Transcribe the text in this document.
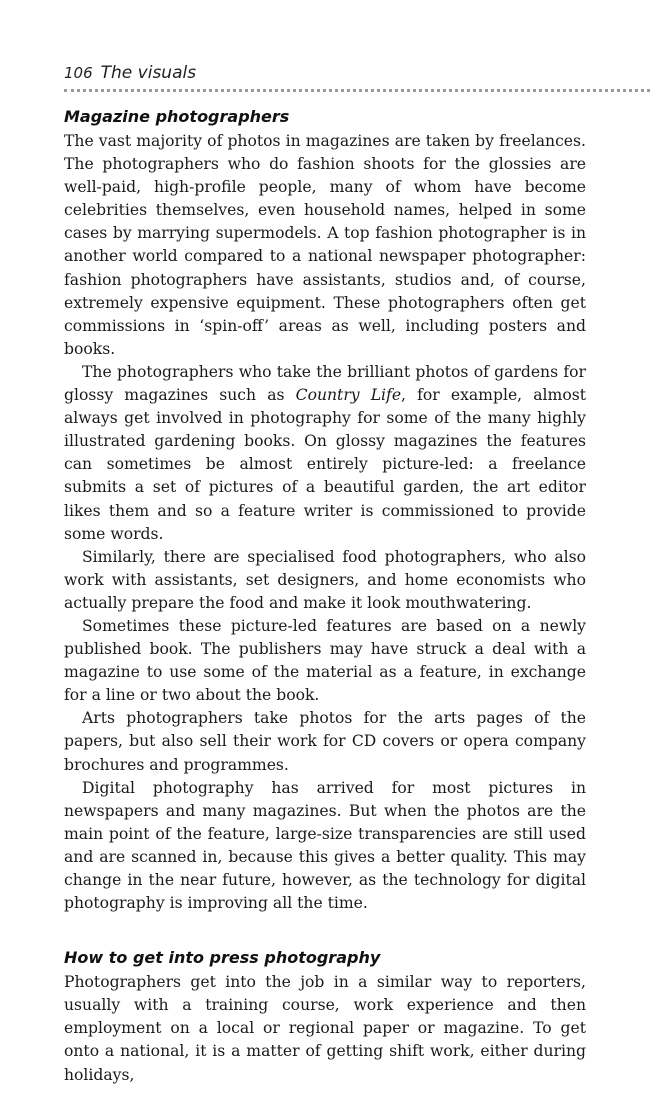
106 The visuals
Magazine photographers

The vast majority of photos in magazines are taken by freelances. The photographers who do fashion shoots for the glossies are well-paid, high-profile people, many of whom have become celebrities themselves, even household names, helped in some cases by marrying supermodels. A top fashion photographer is in another world compared to a national newspaper photographer: fashion photographers have assistants, studios and, of course, extremely expensive equipment. These photographers often get commissions in ‘spin-off’ areas as well, including posters and books.

The photographers who take the brilliant photos of gardens for glossy magazines such as Country Life, for example, almost always get involved in photography for some of the many highly illustrated gardening books. On glossy magazines the features can sometimes be almost entirely picture-led: a freelance submits a set of pictures of a beautiful garden, the art editor likes them and so a feature writer is commissioned to provide some words.

Similarly, there are specialised food photographers, who also work with assistants, set designers, and home economists who actually prepare the food and make it look mouthwatering.

Sometimes these picture-led features are based on a newly published book. The publishers may have struck a deal with a magazine to use some of the material as a feature, in exchange for a line or two about the book.

Arts photographers take photos for the arts pages of the papers, but also sell their work for CD covers or opera company brochures and programmes.

Digital photography has arrived for most pictures in newspapers and many magazines. But when the photos are the main point of the feature, large-size transparencies are still used and are scanned in, because this gives a better quality. This may change in the near future, however, as the technology for digital photography is improving all the time.

How to get into press photography

Photographers get into the job in a similar way to reporters, usually with a training course, work experience and then employment on a local or regional paper or magazine. To get onto a national, it is a matter of getting shift work, either during holidays,
